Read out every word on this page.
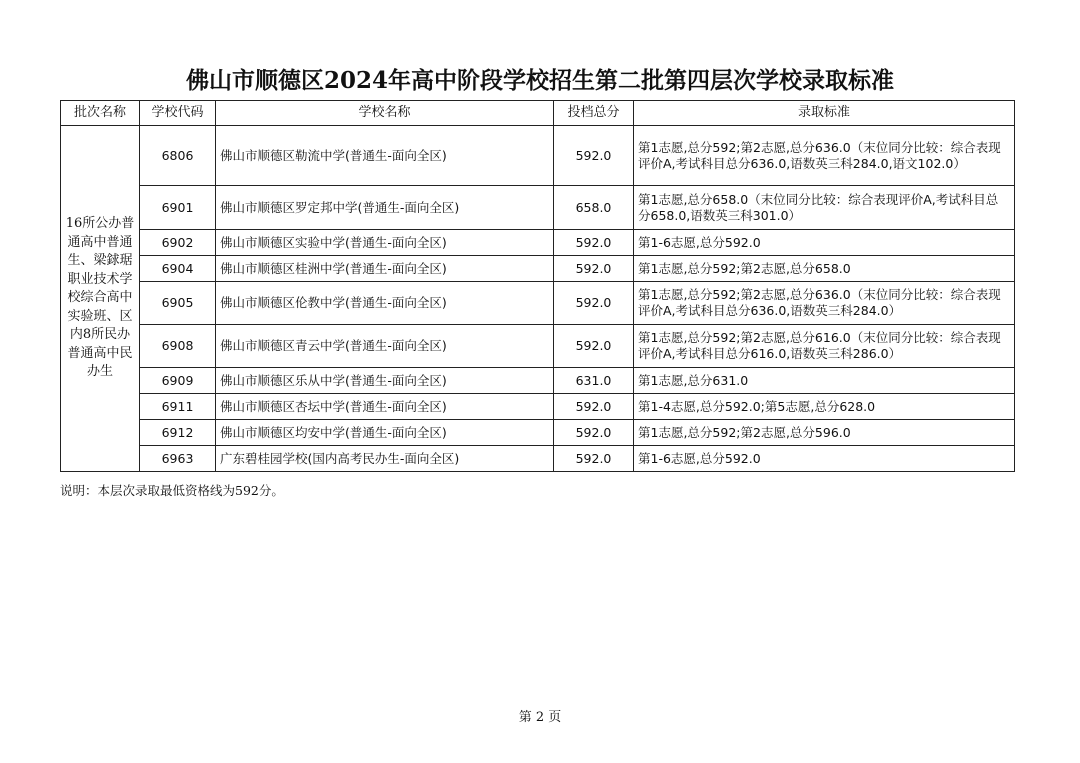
佛山市顺德区2024年高中阶段学校招生第二批第四层次学校录取标准
批次名称	学校代码	学校名称	投档总分	录取标准
16所公办普通高中普通生、梁銶琚职业技术学校综合高中实验班、区内8所民办普通高中民办生	6806	佛山市顺德区勒流中学(普通生-面向全区)	592.0	第1志愿,总分592;第2志愿,总分636.0（末位同分比较：综合表现评价A,考试科目总分636.0,语数英三科284.0,语文102.0）
	6901	佛山市顺德区罗定邦中学(普通生-面向全区)	658.0	第1志愿,总分658.0（末位同分比较：综合表现评价A,考试科目总分658.0,语数英三科301.0）
	6902	佛山市顺德区实验中学(普通生-面向全区)	592.0	第1-6志愿,总分592.0
	6904	佛山市顺德区桂洲中学(普通生-面向全区)	592.0	第1志愿,总分592;第2志愿,总分658.0
	6905	佛山市顺德区伦教中学(普通生-面向全区)	592.0	第1志愿,总分592;第2志愿,总分636.0（末位同分比较：综合表现评价A,考试科目总分636.0,语数英三科284.0）
	6908	佛山市顺德区青云中学(普通生-面向全区)	592.0	第1志愿,总分592;第2志愿,总分616.0（末位同分比较：综合表现评价A,考试科目总分616.0,语数英三科286.0）
	6909	佛山市顺德区乐从中学(普通生-面向全区)	631.0	第1志愿,总分631.0
	6911	佛山市顺德区杏坛中学(普通生-面向全区)	592.0	第1-4志愿,总分592.0;第5志愿,总分628.0
	6912	佛山市顺德区均安中学(普通生-面向全区)	592.0	第1志愿,总分592;第2志愿,总分596.0
	6963	广东碧桂园学校(国内高考民办生-面向全区)	592.0	第1-6志愿,总分592.0
说明：本层次录取最低资格线为592分。
第 2 页
